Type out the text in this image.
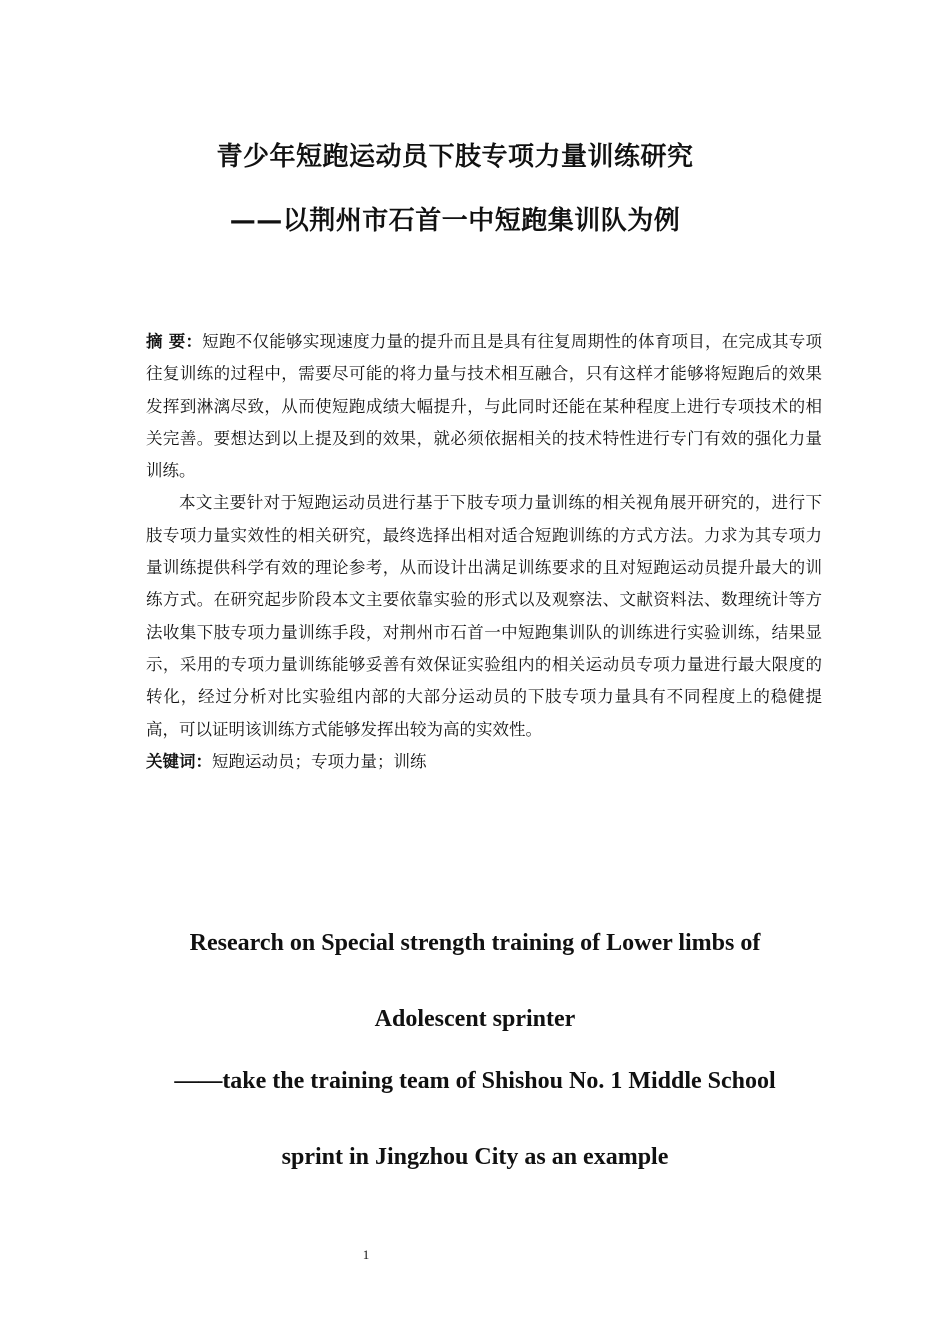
青少年短跑运动员下肢专项力量训练研究
——以荆州市石首一中短跑集训队为例

摘 要：短跑不仅能够实现速度力量的提升而且是具有往复周期性的体育项目，在完成其专项往复训练的过程中，需要尽可能的将力量与技术相互融合，只有这样才能够将短跑后的效果发挥到淋漓尽致，从而使短跑成绩大幅提升，与此同时还能在某种程度上进行专项技术的相关完善。要想达到以上提及到的效果，就必须依据相关的技术特性进行专门有效的强化力量训练。

本文主要针对于短跑运动员进行基于下肢专项力量训练的相关视角展开研究的，进行下肢专项力量实效性的相关研究，最终选择出相对适合短跑训练的方式方法。力求为其专项力量训练提供科学有效的理论参考，从而设计出满足训练要求的且对短跑运动员提升最大的训练方式。在研究起步阶段本文主要依靠实验的形式以及观察法、文献资料法、数理统计等方法收集下肢专项力量训练手段，对荆州市石首一中短跑集训队的训练进行实验训练，结果显示，采用的专项力量训练能够妥善有效保证实验组内的相关运动员专项力量进行最大限度的转化，经过分析对比实验组内部的大部分运动员的下肢专项力量具有不同程度上的稳健提高，可以证明该训练方式能够发挥出较为高的实效性。

关键词：短跑运动员；专项力量；训练

Research on Special strength training of Lower limbs of
Adolescent sprinter
——take the training team of Shishou No. 1 Middle School
sprint in Jingzhou City as an example
1
